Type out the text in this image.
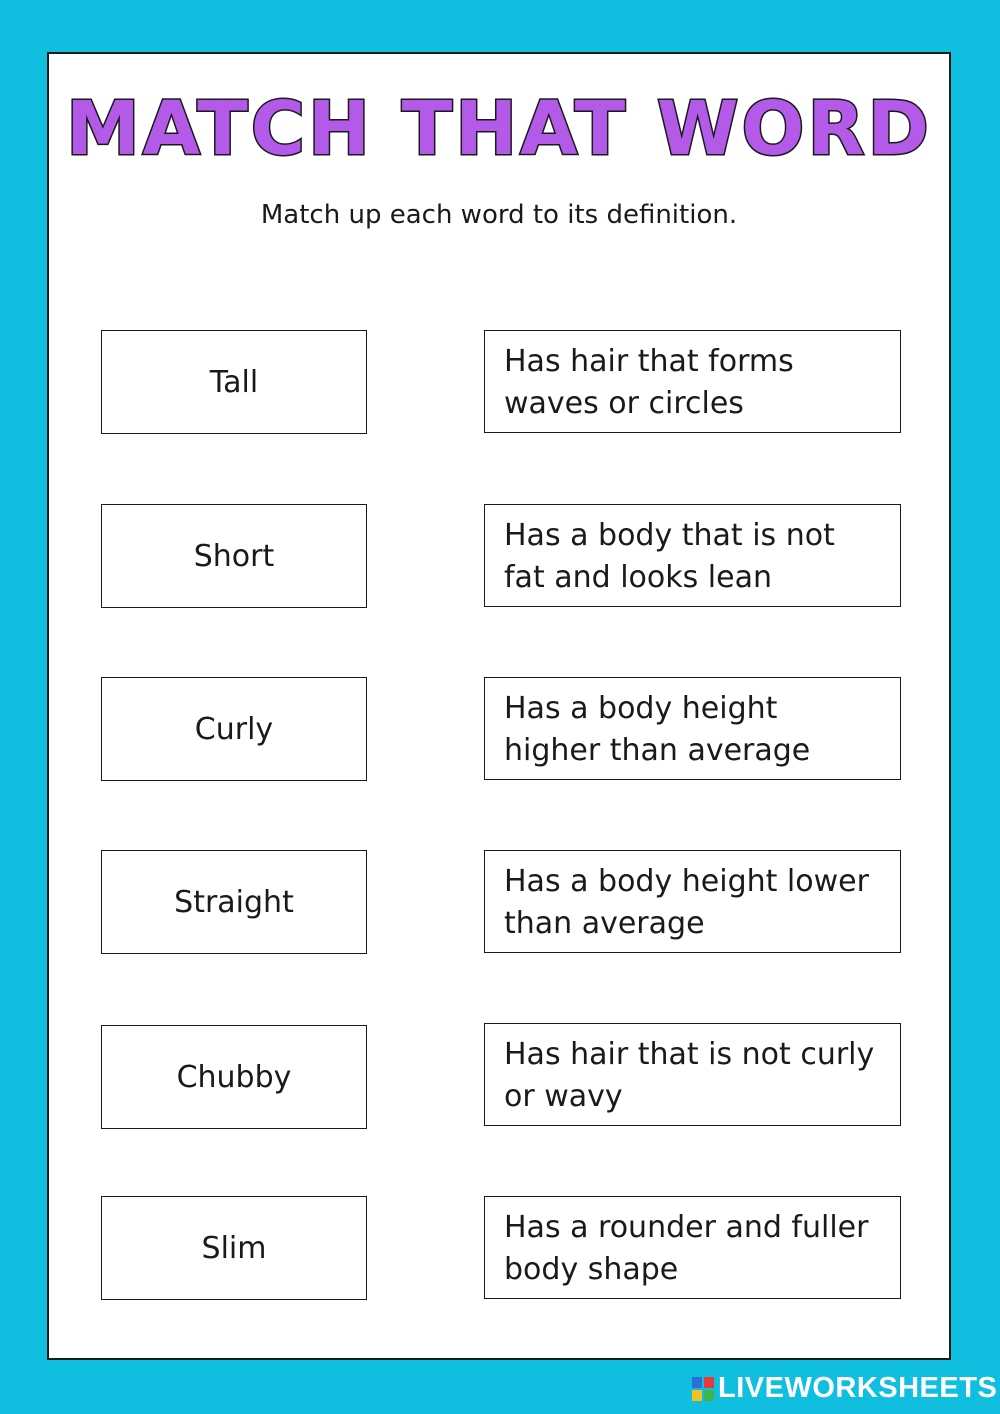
MATCH THAT WORD

Match up each word to its definition.

Tall
Short
Curly
Straight
Chubby
Slim
Has hair that forms waves or circles
Has a body that is not fat and looks lean
Has a body height higher than average
Has a body height lower than average
Has hair that is not curly or wavy
Has a rounder and fuller body shape
LIVEWORKSHEETS
